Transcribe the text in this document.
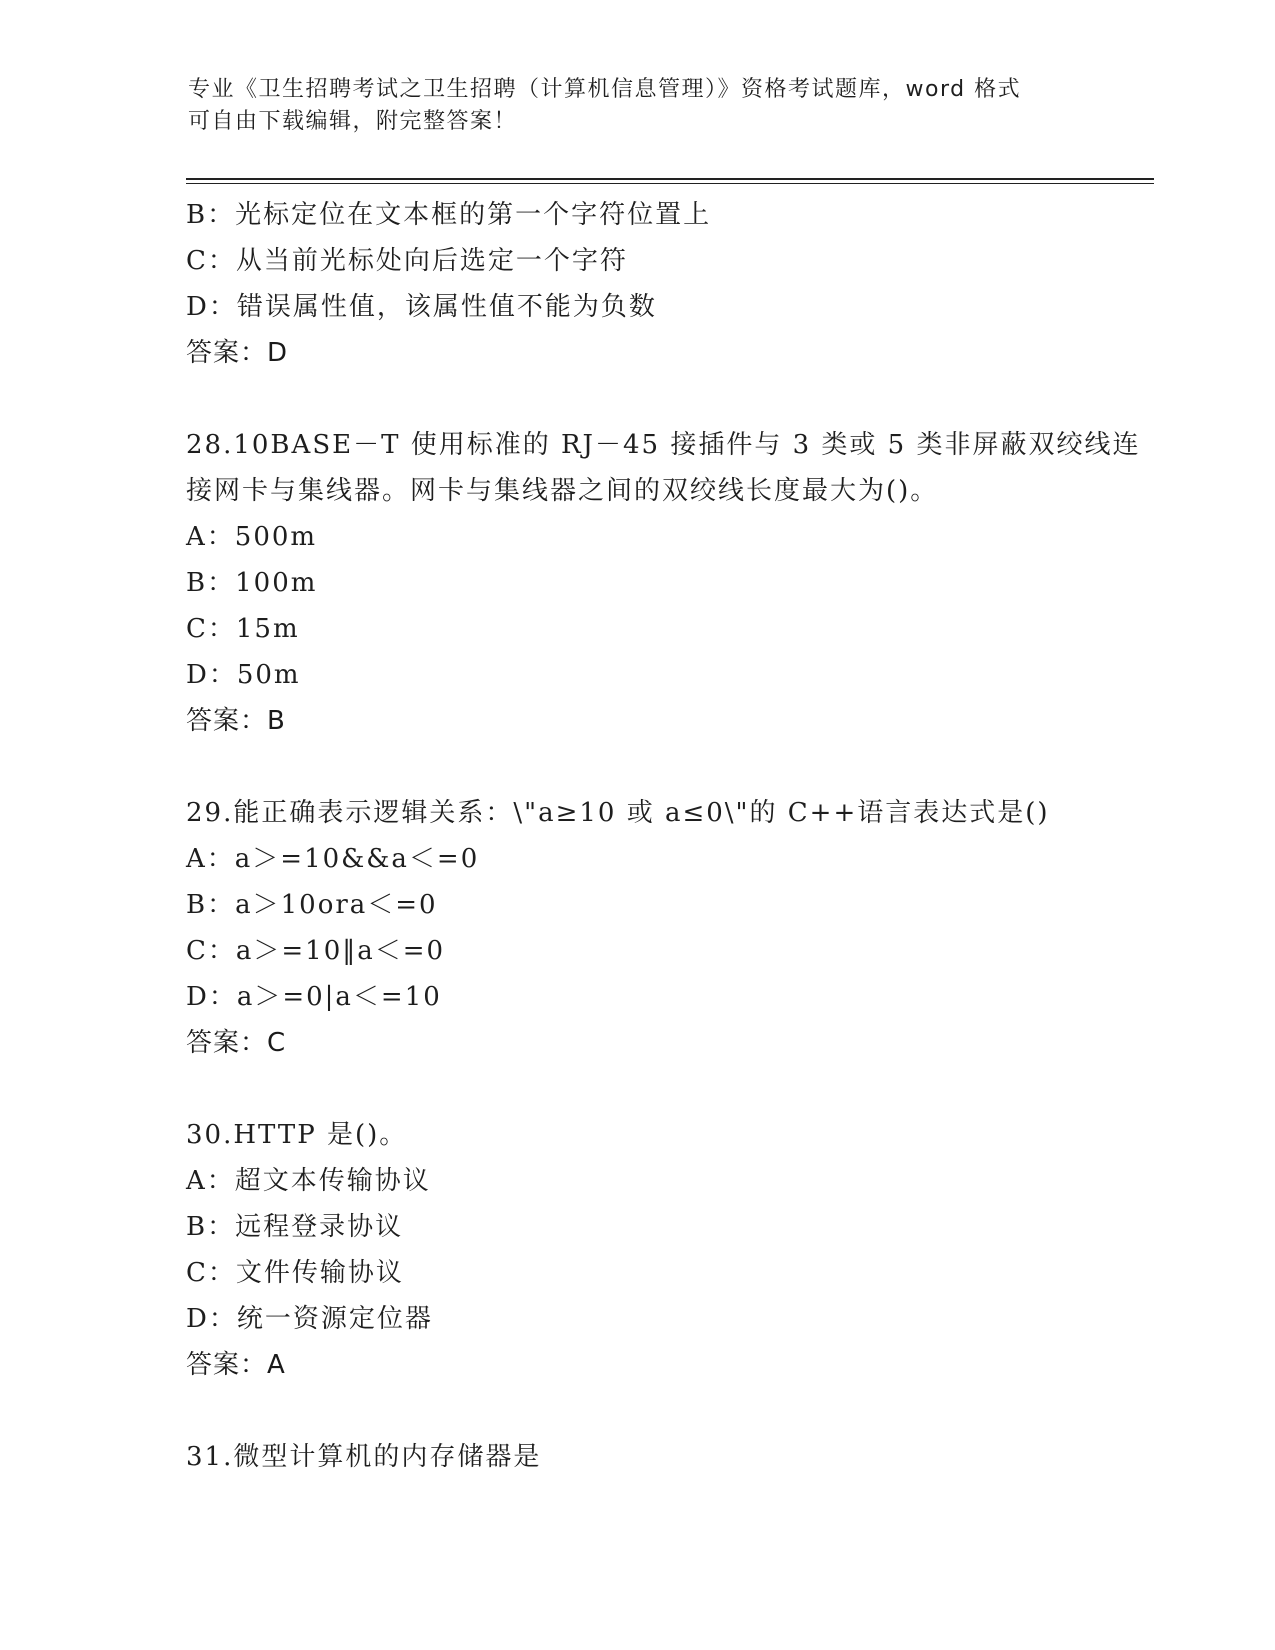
专业《卫生招聘考试之卫生招聘（计算机信息管理）》资格考试题库，word 格式
可自由下载编辑，附完整答案！
B：光标定位在文本框的第一个字符位置上
C：从当前光标处向后选定一个字符
D：错误属性值，该属性值不能为负数
答案：D
28.10BASE－T 使用标准的 RJ－45 接插件与 3 类或 5 类非屏蔽双绞线连
接网卡与集线器。网卡与集线器之间的双绞线长度最大为()。
A：500m
B：100m
C：15m
D：50m
答案：B
29.能正确表示逻辑关系：\"a≥10 或 a≤0\"的 C++语言表达式是()
A：a＞=10&&a＜=0
B：a＞10ora＜=0
C：a＞=10‖a＜=0
D：a＞=0|a＜=10
答案：C
30.HTTP 是()。
A：超文本传输协议
B：远程登录协议
C：文件传输协议
D：统一资源定位器
答案：A
31.微型计算机的内存储器是
